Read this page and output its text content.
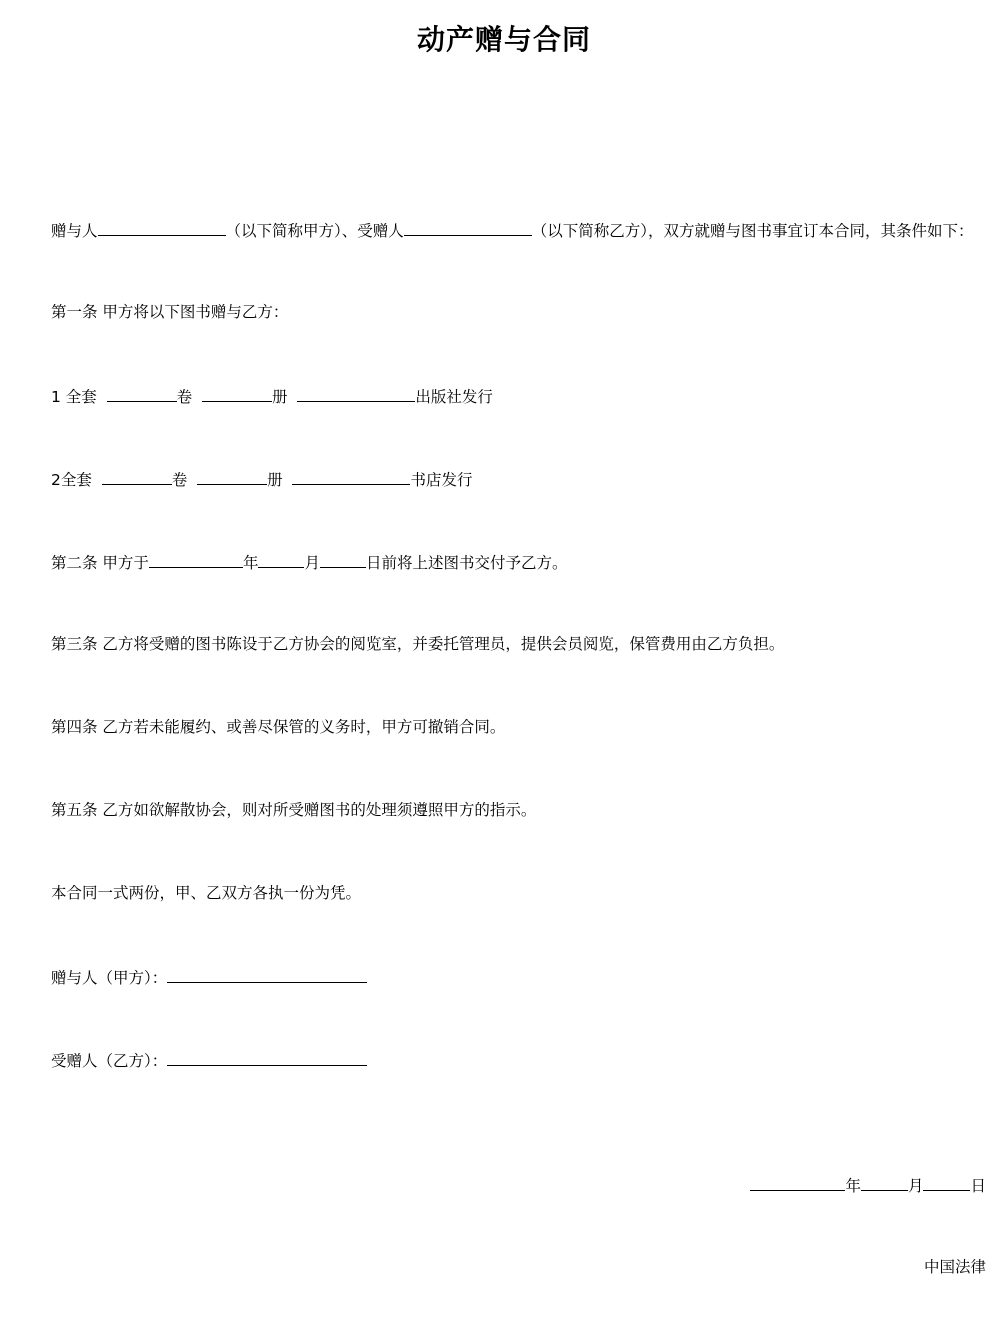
动产赠与合同
赠与人	（以下简称甲方）、受赠人	（以下简称乙方），双方就赠与图书事宜订本合同，其条件如下：
第一条 甲方将以下图书赠与乙方：
1 全套	卷	册	出版社发行
2全套	卷	册	书店发行
第二条 甲方于	年	月	日前将上述图书交付予乙方。
第三条 乙方将受赠的图书陈设于乙方协会的阅览室，并委托管理员，提供会员阅览，保管费用由乙方负担。
第四条 乙方若未能履约、或善尽保管的义务时，甲方可撤销合同。
第五条 乙方如欲解散协会，则对所受赠图书的处理须遵照甲方的指示。
本合同一式两份，甲、乙双方各执一份为凭。
赠与人（甲方）：
受赠人（乙方）：
年	月	日
中国法律
